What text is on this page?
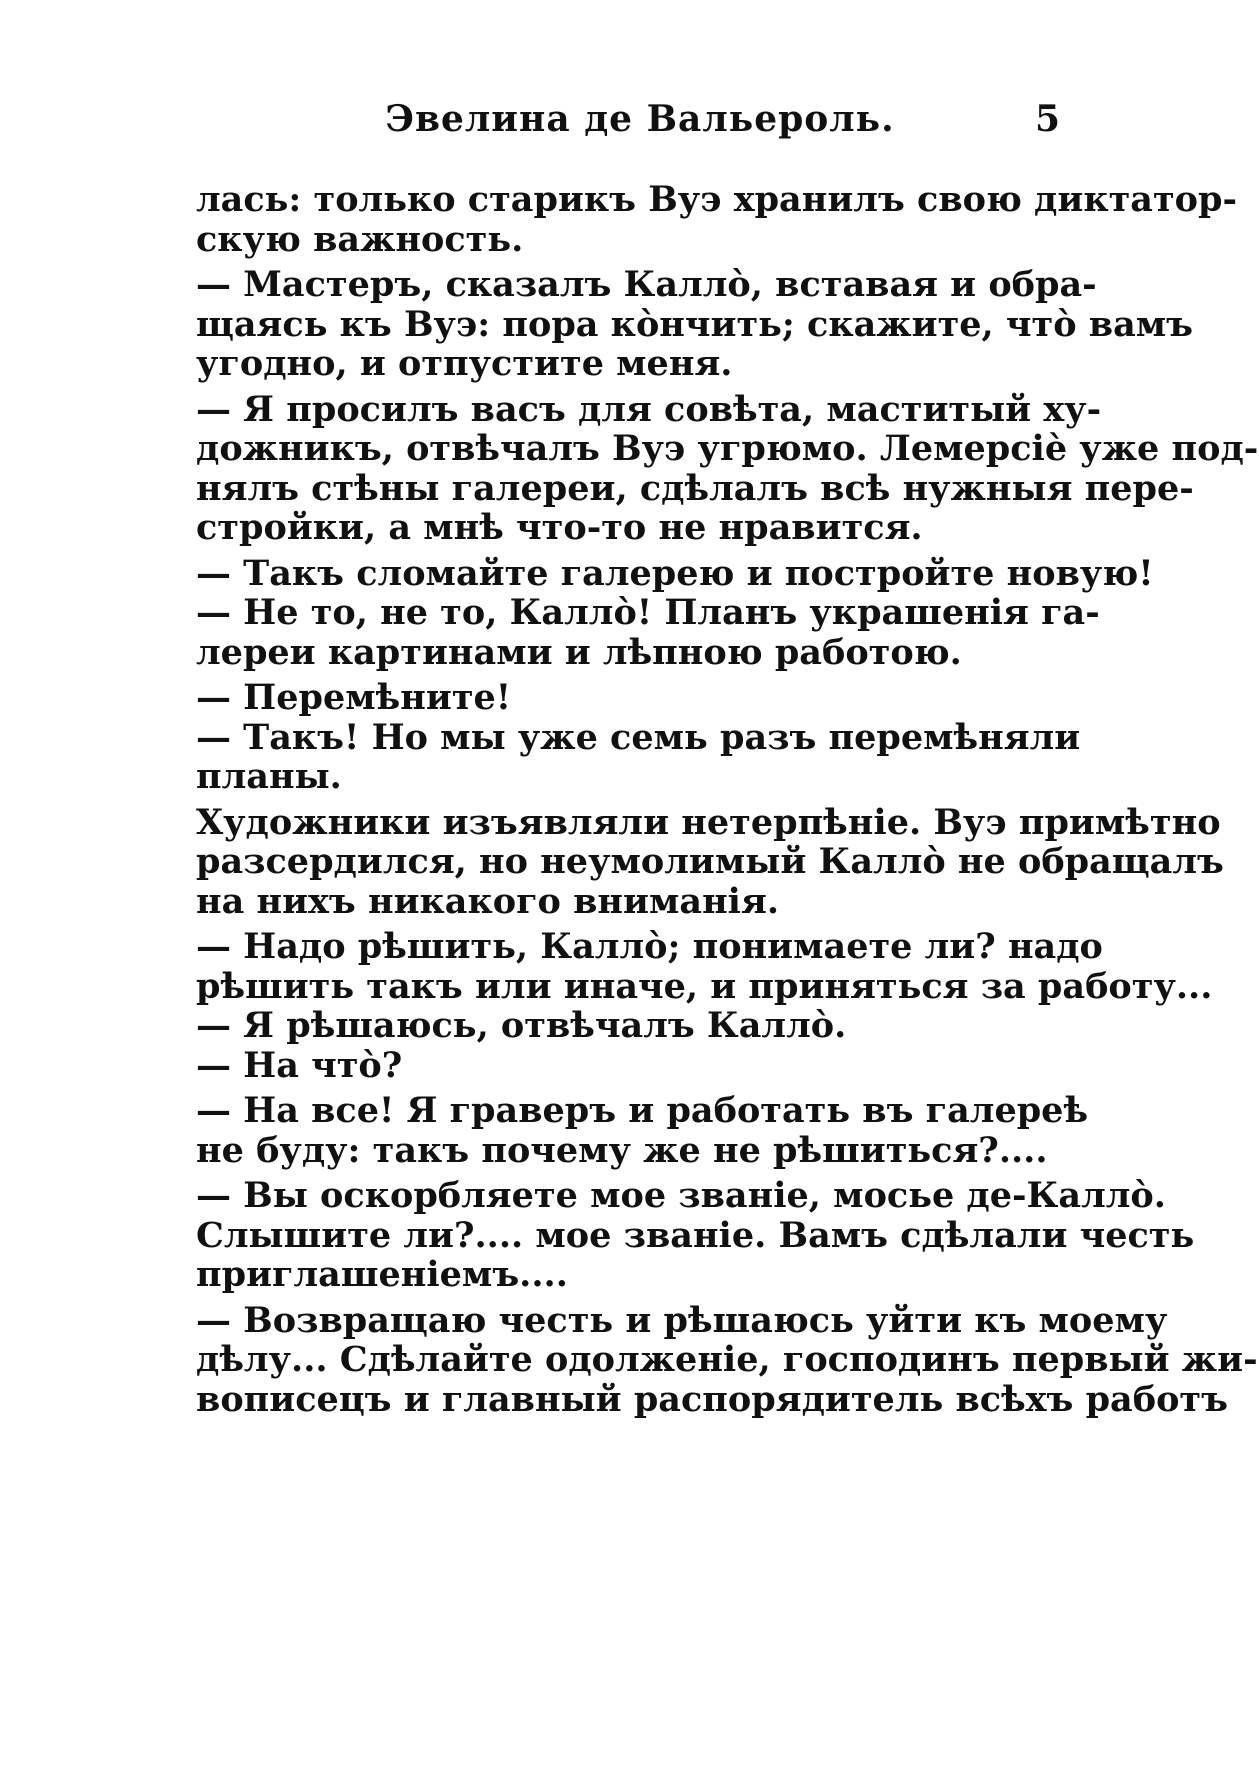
Эвелина де Вальероль.	5
лась: только старикъ Вуэ хранилъ свою диктатор-
скую важность.
— Мастеръ, сказалъ Калло̀, вставая и обра-
щаясь къ Вуэ: пора ко̀нчить; скажите, что̀ вамъ
угодно, и отпустите меня.
— Я просилъ васъ для совѣта, маститый ху-
дожникъ, отвѣчалъ Вуэ угрюмо. Лемерсіѐ уже под-
нялъ стѣны галереи, сдѣлалъ всѣ нужныя пере-
стройки, а мнѣ что-то не нравится.
— Такъ сломайте галерею и постройте новую!
— Не то, не то, Калло̀! Планъ украшенія га-
лереи картинами и лѣпною работою.
— Перемѣните!
— Такъ! Но мы уже семь разъ перемѣняли
планы.
Художники изъявляли нетерпѣніе. Вуэ примѣтно
разсердился, но неумолимый Калло̀ не обращалъ
на нихъ никакого вниманія.
— Надо рѣшить, Калло̀; понимаете ли? надо
рѣшить такъ или иначе, и приняться за работу...
— Я рѣшаюсь, отвѣчалъ Калло̀.
— На что̀?
— На все! Я граверъ и работать въ галереѣ
не буду: такъ почему же не рѣшиться?....
— Вы оскорбляете мое званіе, мосье де-Калло̀.
Слышите ли?.... мое званіе. Вамъ сдѣлали честь
приглашеніемъ....
— Возвращаю честь и рѣшаюсь уйти къ моему
дѣлу... Сдѣлайте одолженіе, господинъ первый жи-
вописецъ и главный распорядитель всѣхъ работъ
